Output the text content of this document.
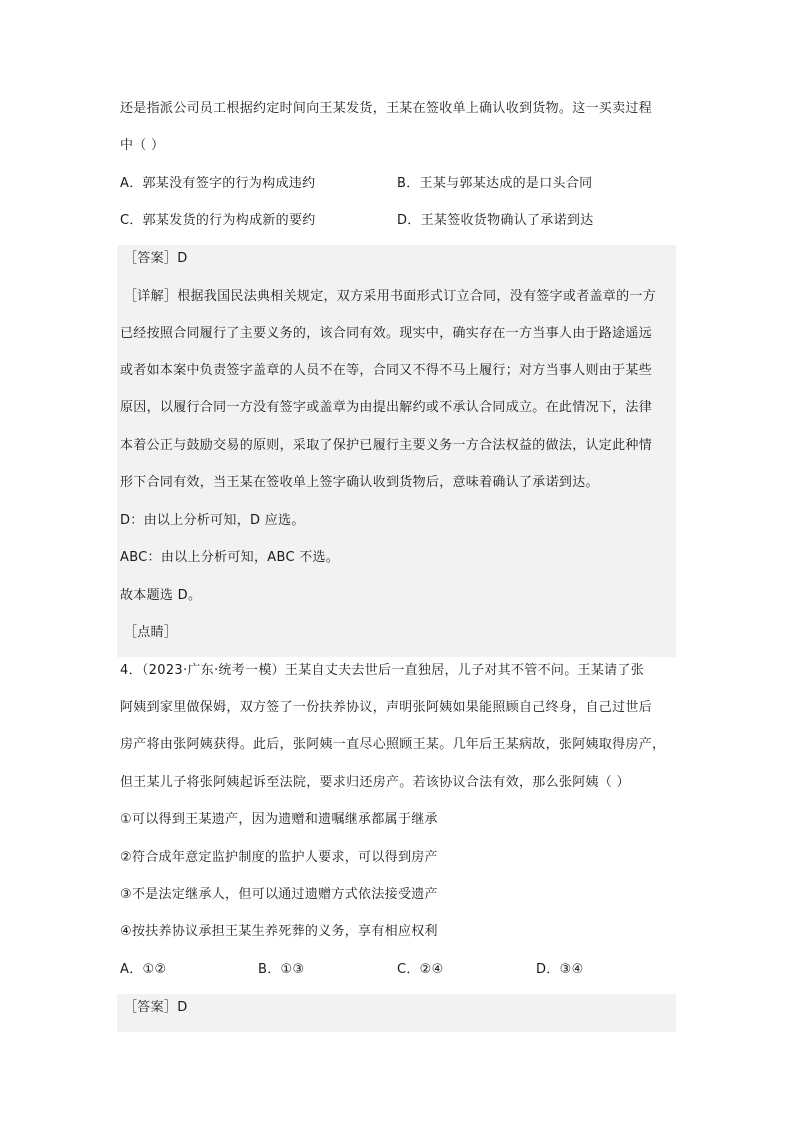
还是指派公司员工根据约定时间向王某发货，王某在签收单上确认收到货物。这一买卖过程
中（ ）
A．郭某没有签字的行为构成违约	B．王某与郭某达成的是口头合同
C．郭某发货的行为构成新的要约	D．王某签收货物确认了承诺到达
［答案］D
［详解］根据我国民法典相关规定，双方采用书面形式订立合同，没有签字或者盖章的一方
已经按照合同履行了主要义务的，该合同有效。现实中，确实存在一方当事人由于路途遥远
或者如本案中负责签字盖章的人员不在等，合同又不得不马上履行；对方当事人则由于某些
原因，以履行合同一方没有签字或盖章为由提出解约或不承认合同成立。在此情况下，法律
本着公正与鼓励交易的原则，采取了保护已履行主要义务一方合法权益的做法，认定此种情
形下合同有效，当王某在签收单上签字确认收到货物后，意味着确认了承诺到达。
D：由以上分析可知，D 应选。
ABC：由以上分析可知，ABC 不选。
故本题选 D。
［点睛］
4．（2023·广东·统考一模）王某自丈夫去世后一直独居，儿子对其不管不问。王某请了张
阿姨到家里做保姆，双方签了一份扶养协议，声明张阿姨如果能照顾自己终身，自己过世后
房产将由张阿姨获得。此后，张阿姨一直尽心照顾王某。几年后王某病故，张阿姨取得房产，
但王某儿子将张阿姨起诉至法院，要求归还房产。若该协议合法有效，那么张阿姨（ ）
①可以得到王某遗产，因为遗赠和遗嘱继承都属于继承
②符合成年意定监护制度的监护人要求，可以得到房产
③不是法定继承人，但可以通过遗赠方式依法接受遗产
④按扶养协议承担王某生养死葬的义务，享有相应权利
A．①②	B．①③	C．②④	D．③④
［答案］D
